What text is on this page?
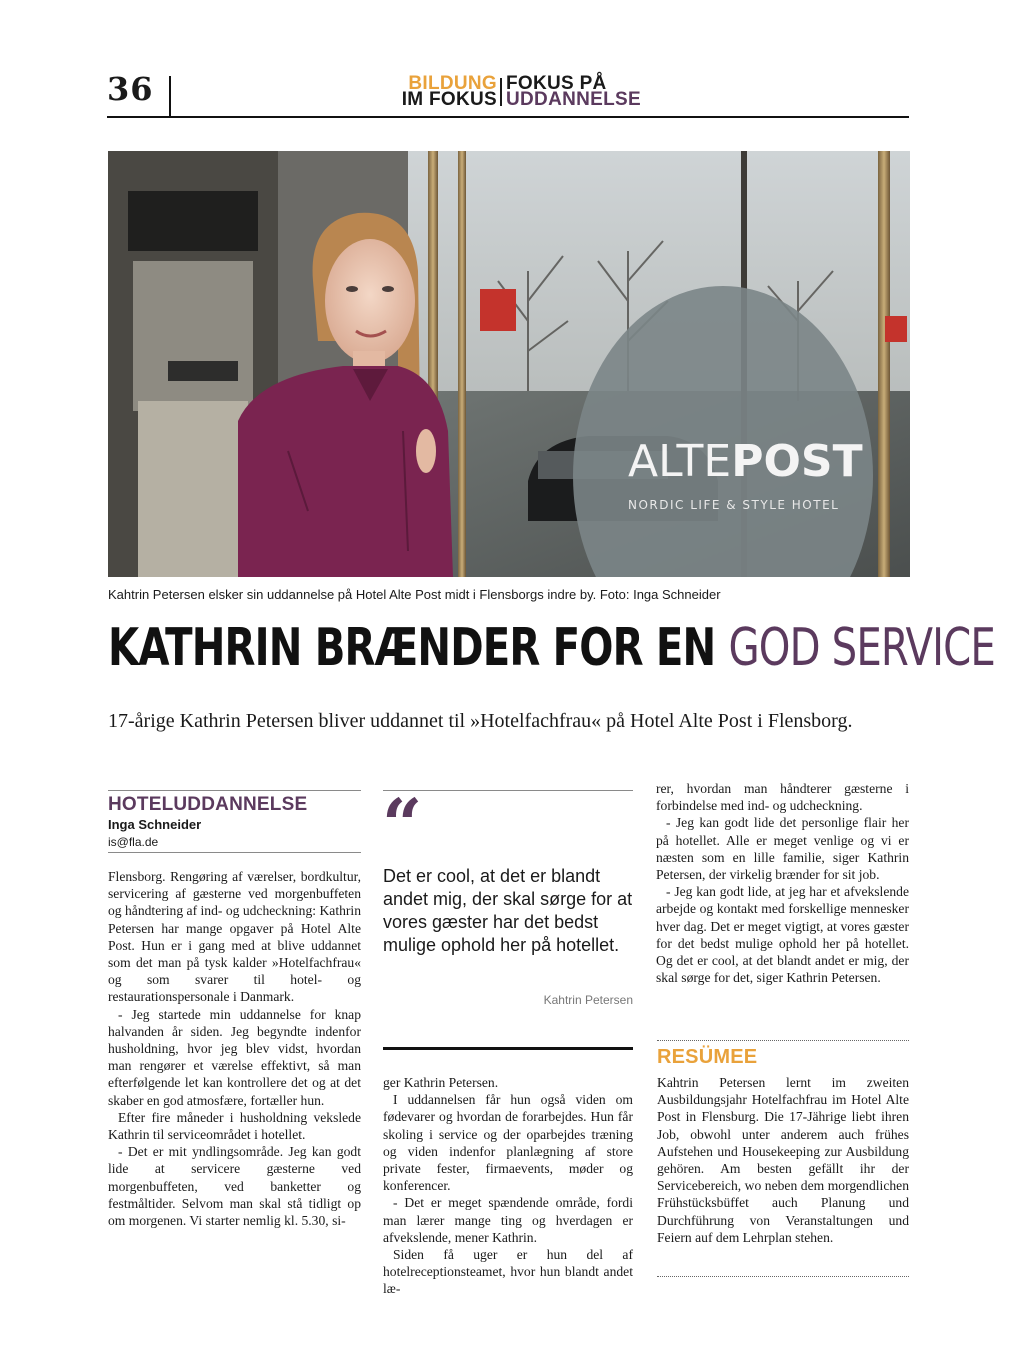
36	BILDUNG
IM FOKUS
FOKUS PÅ
UDDANNELSE
ALTEPOST
NORDIC LIFE & STYLE HOTEL
Kahtrin Petersen elsker sin uddannelse på Hotel Alte Post midt i Flensborgs indre by. Foto: Inga Schneider
KATHRIN BRÆNDER FOR EN GOD SERVICE
17-årige Kathrin Petersen bliver uddannet til »Hotelfachfrau« på Hotel Alte Post i Flensborg.
HOTELUDDANNELSE
Inga Schneider
is@fla.de

Flensborg. Rengøring af værelser, bordkultur, servicering af gæsterne ved morgenbuffeten og håndtering af ind- og udcheckning: Kathrin Petersen har mange opgaver på Hotel Alte Post. Hun er i gang med at blive uddannet som det man på tysk kalder »Hotelfachfrau« og som svarer til hotel- og restaurationspersonale i Danmark.

- Jeg startede min uddannelse for knap halvanden år siden. Jeg begyndte indenfor husholdning, hvor jeg blev vidst, hvordan man rengører et værelse effektivt, så man efterfølgende let kan kontrollere det og at det skaber en god atmosfære, fortæller hun.

Efter fire måneder i husholdning vekslede Kathrin til serviceområdet i hotellet.

- Det er mit yndlingsområde. Jeg kan godt lide at servicere gæsterne ved morgenbuffeten, ved banketter og festmåltider. Selvom man skal stå tidligt op om morgenen. Vi starter nemlig kl. 5.30, si-

“
Det er cool, at det er blandt andet mig, der skal sørge for at vores gæster har det bedst mulige ophold her på hotellet.
Kahtrin Petersen

ger Kathrin Petersen.

I uddannelsen får hun også viden om fødevarer og hvordan de forarbejdes. Hun får skoling i service og der oparbejdes træning og viden indenfor planlægning af store private fester, firmaevents, møder og konferencer.

- Det er meget spændende område, fordi man lærer mange ting og hverdagen er afvekslende, mener Kathrin.

Siden få uger er hun del af hotelreceptionsteamet, hvor hun blandt andet læ-

rer, hvordan man håndterer gæsterne i forbindelse med ind- og udcheckning.

- Jeg kan godt lide det personlige flair her på hotellet. Alle er meget venlige og vi er næsten som en lille familie, siger Kathrin Petersen, der virkelig brænder for sit job.

- Jeg kan godt lide, at jeg har et afvekslende arbejde og kontakt med forskellige mennesker hver dag. Det er meget vigtigt, at vores gæster for det bedst mulige ophold her på hotellet. Og det er cool, at det blandt andet er mig, der skal sørge for det, siger Kathrin Petersen.

RESÜMEE

Kahtrin Petersen lernt im zweiten Ausbildungsjahr Hotelfachfrau im Hotel Alte Post in Flensburg. Die 17-Jährige liebt ihren Job, obwohl unter anderem auch frühes Aufstehen und Housekeeping zur Ausbildung gehören. Am besten gefällt ihr der Servicebereich, wo neben dem morgendlichen Frühstücksbüffet auch Planung und Durchführung von Veranstaltungen und Feiern auf dem Lehrplan stehen.
